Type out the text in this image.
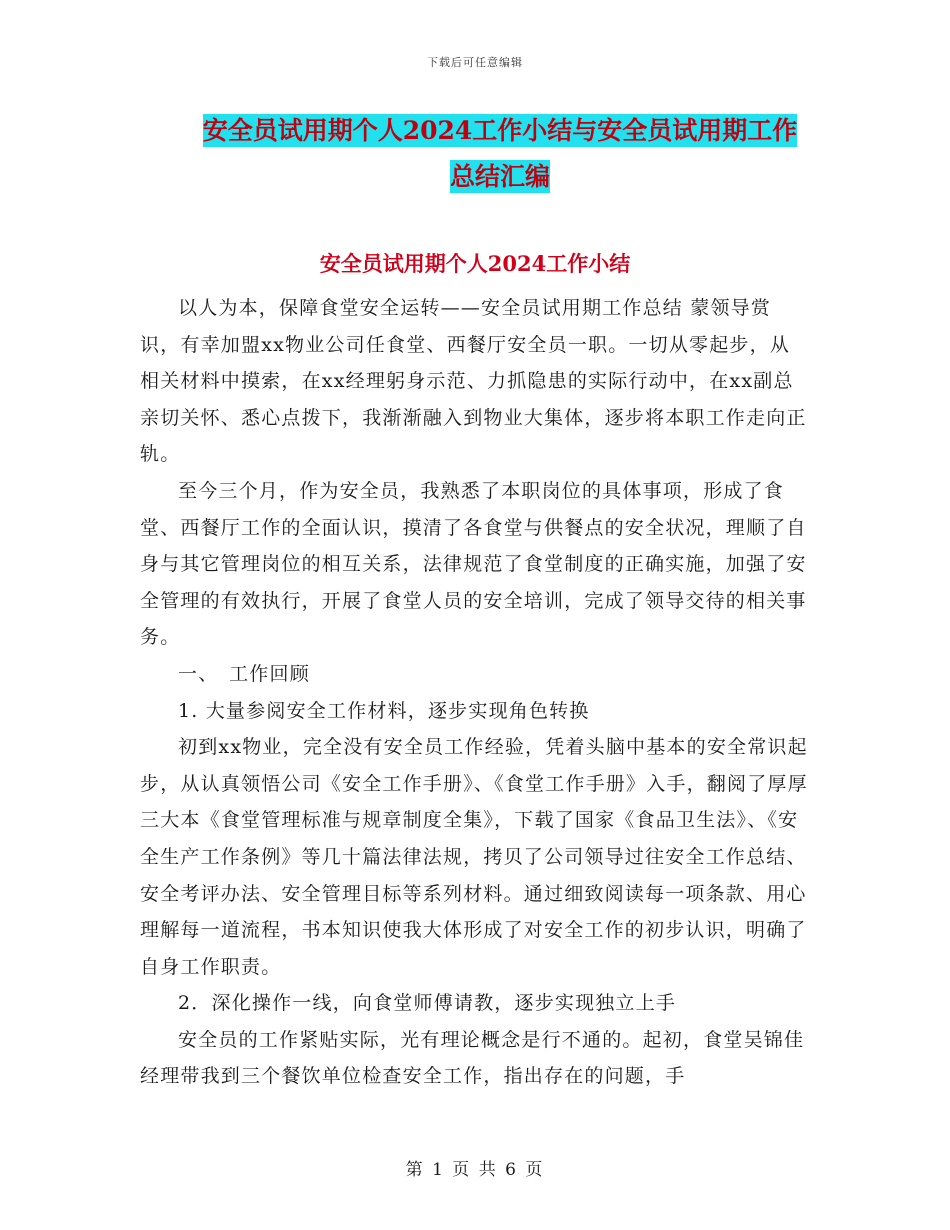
下载后可任意编辑
安全员试用期个人2024工作小结与安全员试用期工作
总结汇编
安全员试用期个人2024工作小结

以人为本，保障食堂安全运转——安全员试用期工作总结 蒙领导赏识，有幸加盟xx物业公司任食堂、西餐厅安全员一职。一切从零起步，从相关材料中摸索，在xx经理躬身示范、力抓隐患的实际行动中，在xx副总亲切关怀、悉心点拨下，我渐渐融入到物业大集体，逐步将本职工作走向正轨。

至今三个月，作为安全员，我熟悉了本职岗位的具体事项，形成了食堂、西餐厅工作的全面认识，摸清了各食堂与供餐点的安全状况，理顺了自身与其它管理岗位的相互关系，法律规范了食堂制度的正确实施，加强了安全管理的有效执行，开展了食堂人员的安全培训，完成了领导交待的相关事务。

一、　工作回顾

1. 大量参阅安全工作材料，逐步实现角色转换

初到xx物业，完全没有安全员工作经验，凭着头脑中基本的安全常识起步，从认真领悟公司《安全工作手册》、《食堂工作手册》入手，翻阅了厚厚三大本《食堂管理标准与规章制度全集》，下载了国家《食品卫生法》、《安全生产工作条例》等几十篇法律法规，拷贝了公司领导过往安全工作总结、安全考评办法、安全管理目标等系列材料。通过细致阅读每一项条款、用心理解每一道流程，书本知识使我大体形成了对安全工作的初步认识，明确了自身工作职责。

2．深化操作一线，向食堂师傅请教，逐步实现独立上手

安全员的工作紧贴实际，光有理论概念是行不通的。起初，食堂吴锦佳经理带我到三个餐饮单位检查安全工作，指出存在的问题，手

第 1 页 共 6 页
